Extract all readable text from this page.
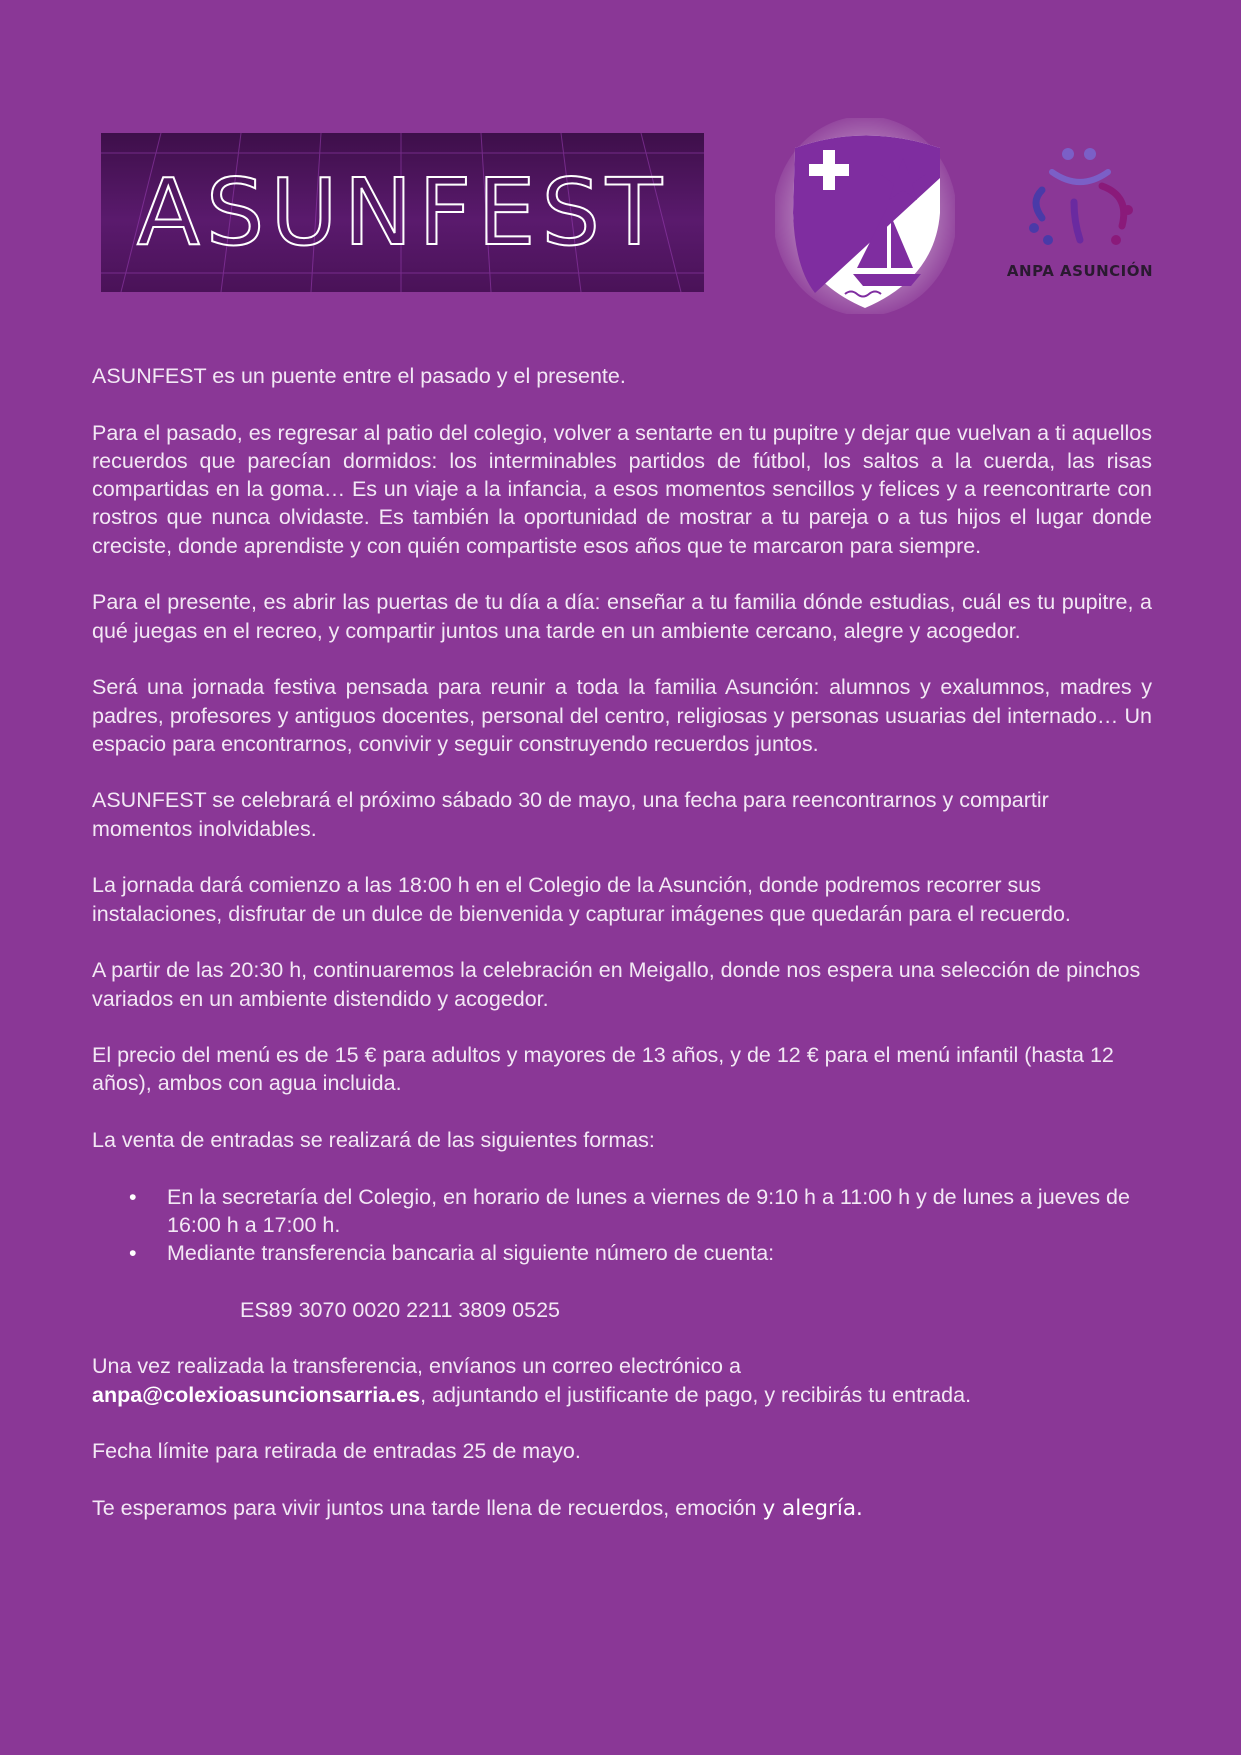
ASUNFEST
ANPA ASUNCIÓN

ASUNFEST es un puente entre el pasado y el presente.

Para el pasado, es regresar al patio del colegio, volver a sentarte en tu pupitre y dejar que vuelvan a ti aquellos recuerdos que parecían dormidos: los interminables partidos de fútbol, los saltos a la cuerda, las risas compartidas en la goma… Es un viaje a la infancia, a esos momentos sencillos y felices y a reencontrarte con rostros que nunca olvidaste. Es también la oportunidad de mostrar a tu pareja o a tus hijos el lugar donde creciste, donde aprendiste y con quién compartiste esos años que te marcaron para siempre.

Para el presente, es abrir las puertas de tu día a día: enseñar a tu familia dónde estudias, cuál es tu pupitre, a qué juegas en el recreo, y compartir juntos una tarde en un ambiente cercano, alegre y acogedor.

Será una jornada festiva pensada para reunir a toda la familia Asunción: alumnos y exalumnos, madres y padres, profesores y antiguos docentes, personal del centro, religiosas y personas usuarias del internado… Un espacio para encontrarnos, convivir y seguir construyendo recuerdos juntos.

ASUNFEST se celebrará el próximo sábado 30 de mayo, una fecha para reencontrarnos y compartir momentos inolvidables.

La jornada dará comienzo a las 18:00 h en el Colegio de la Asunción, donde podremos recorrer sus instalaciones, disfrutar de un dulce de bienvenida y capturar imágenes que quedarán para el recuerdo.

A partir de las 20:30 h, continuaremos la celebración en Meigallo, donde nos espera una selección de pinchos variados en un ambiente distendido y acogedor.

El precio del menú es de 15 € para adultos y mayores de 13 años, y de 12 € para el menú infantil (hasta 12 años), ambos con agua incluida.

La venta de entradas se realizará de las siguientes formas:

• En la secretaría del Colegio, en horario de lunes a viernes de 9:10 h a 11:00 h y de lunes a jueves de 16:00 h a 17:00 h.
• Mediante transferencia bancaria al siguiente número de cuenta:
ES89 3070 0020 2211 3809 0525

Una vez realizada la transferencia, envíanos un correo electrónico a
anpa@colexioasuncionsarria.es, adjuntando el justificante de pago, y recibirás tu entrada.

Fecha límite para retirada de entradas 25 de mayo.

Te esperamos para vivir juntos una tarde llena de recuerdos, emoción y alegría.
